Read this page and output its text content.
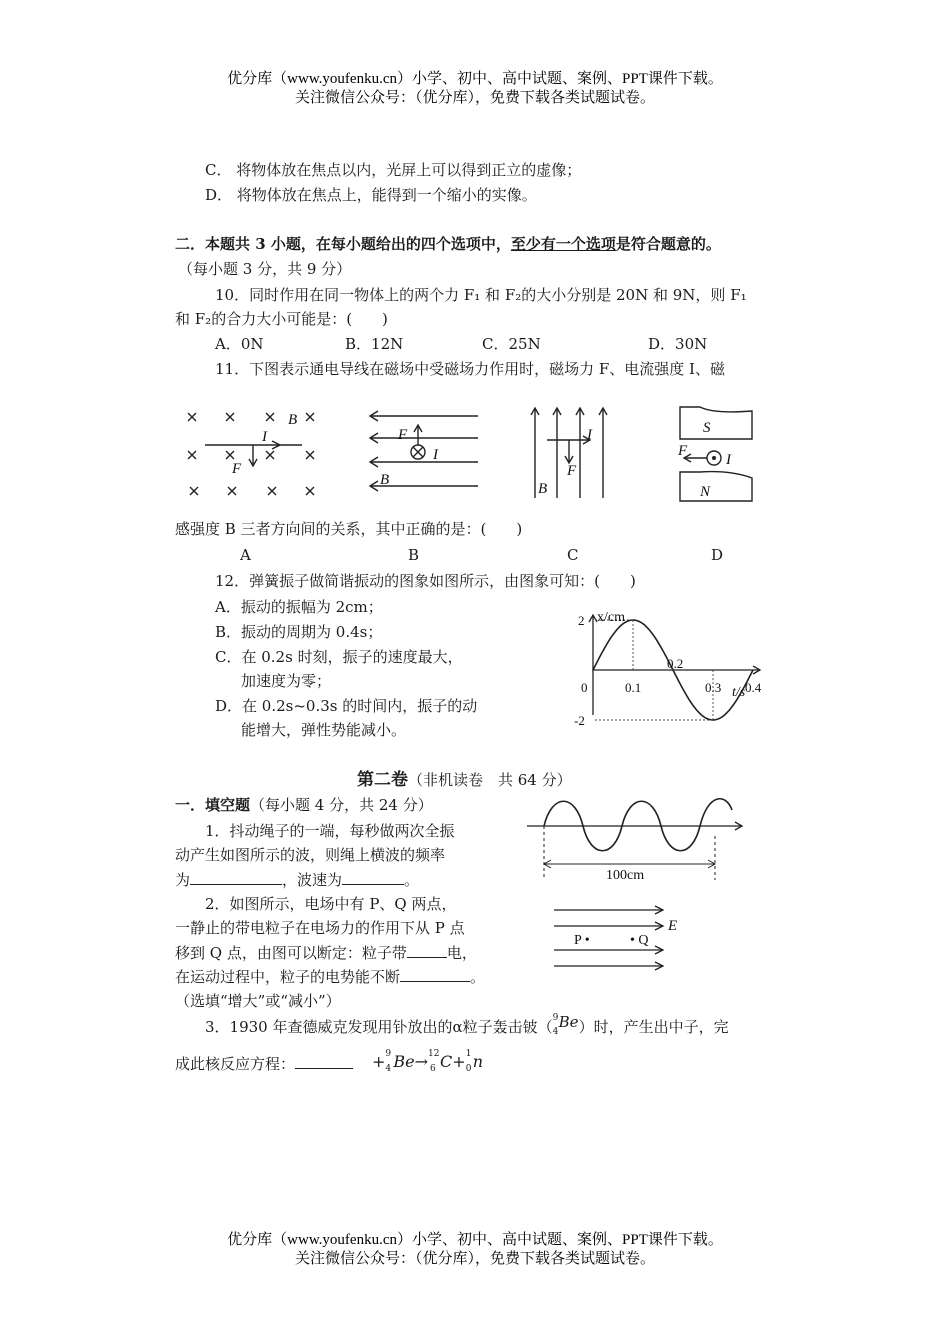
优分库（www.youfenku.cn）小学、初中、高中试题、案例、PPT课件下载。
关注微信公众号：（优分库），免费下载各类试题试卷。
C． 将物体放在焦点以内，光屏上可以得到正立的虚像；
D． 将物体放在焦点上，能得到一个缩小的实像。
二．本题共 3 小题，在每小题给出的四个选项中，至少有一个选项是符合题意的。
（每小题 3 分，共 9 分）
10．同时作用在同一物体上的两个力 F₁ 和 F₂的大小分别是 20N 和 9N，则 F₁
和 F₂的合力大小可能是：(　　)
A．0N	B．12N	C．25N	D．30N
11．下图表示通电导线在磁场中受磁场力作用时，磁场力 F、电流强度 I、磁
B
I
F
F
I
B
B
I
F
S
N
F
I
感强度 B 三者方向间的关系，其中正确的是：(　　)
A	B	C	D
12．弹簧振子做简谐振动的图象如图所示，由图象可知：(　　)
A．振动的振幅为 2cm；
B．振动的周期为 0.4s；
C．在 0.2s 时刻，振子的速度最大，
加速度为零；
D．在 0.2s~0.3s 的时间内，振子的动
能增大，弹性势能减小。
0	0.1
0.2
0.3 0.4
2
-2
x/cm
t/s
第二卷（非机读卷　共 64 分）
一．填空题（每小题 4 分，共 24 分）
1．抖动绳子的一端，每秒做两次全振
动产生如图所示的波，则绳上横波的频率
为	，波速为	。	100cm
2．如图所示，电场中有 P、Q 两点，
一静止的带电粒子在电场力的作用下从 P 点
移到 Q 点，由图可以断定：粒子带	电，
在运动过程中，粒子的电势能不断	。
（选填“增大”或“减小”）
E
P •	• Q
3．1930 年查德威克发现用钋放出的α粒子轰击铍（ 9
4
Be ）时，产生出中子，完
成此核反应方程：	+ 9
4 Be→ 12
6 C+ 1
0 n
优分库（www.youfenku.cn）小学、初中、高中试题、案例、PPT课件下载。
关注微信公众号：（优分库），免费下载各类试题试卷。
